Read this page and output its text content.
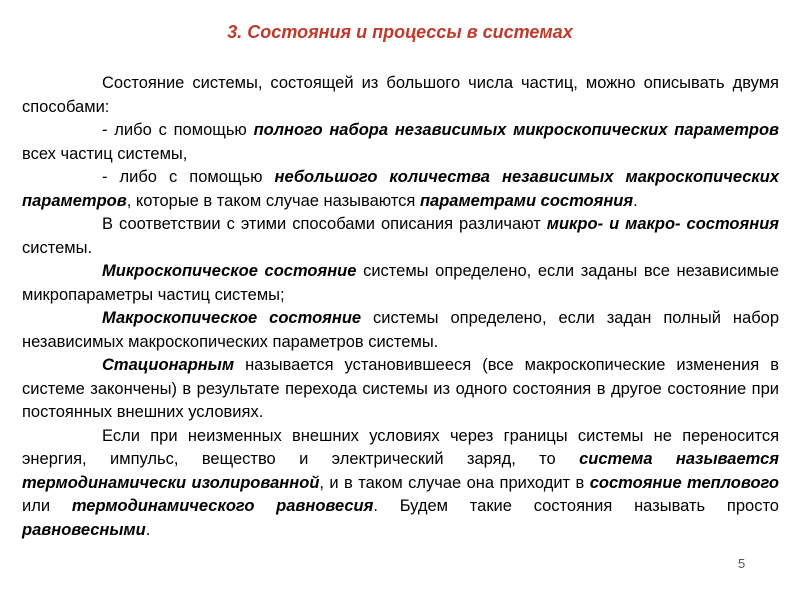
3. Состояния и процессы в системах

Состояние системы, состоящей из большого числа частиц, можно описывать двумя способами:

- либо с помощью полного набора независимых микроскопических параметров всех частиц системы,

- либо с помощью небольшого количества независимых макроскопических параметров, которые в таком случае называются параметрами состояния.

В соответствии с этими способами описания различают микро- и макро- состояния системы.

Микроскопическое состояние системы определено, если заданы все независимые микропараметры частиц системы;

Макроскопическое состояние системы определено, если задан полный набор независимых макроскопических параметров системы.

Стационарным называется установившееся (все макроскопические изменения в системе закончены) в результате перехода системы из одного состояния в другое состояние при постоянных внешних условиях.

Если при неизменных внешних условиях через границы системы не переносится энергия, импульс, вещество и электрический заряд, то система называется термодинамически изолированной, и в таком случае она приходит в состояние теплового или термодинамического равновесия. Будем такие состояния называть просто равновесными.

5
